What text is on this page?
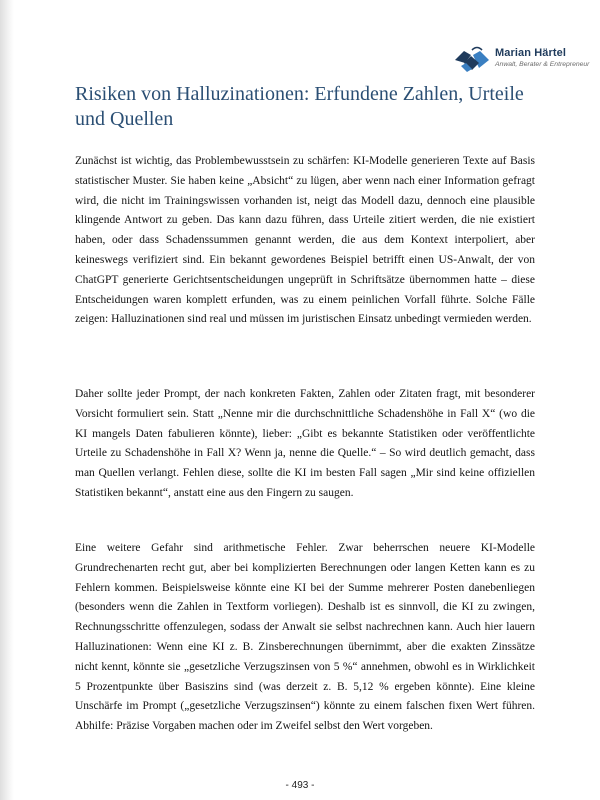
Marian Härtel
Anwalt, Berater & Entrepreneur
Risiken von Halluzinationen: Erfundene Zahlen, Urteile und Quellen

Zunächst ist wichtig, das Problembewusstsein zu schärfen: KI-Modelle generieren Texte auf Basis statistischer Muster. Sie haben keine „Absicht“ zu lügen, aber wenn nach einer Information gefragt wird, die nicht im Trainingswissen vorhanden ist, neigt das Modell dazu, dennoch eine plausible klingende Antwort zu geben. Das kann dazu führen, dass Urteile zitiert werden, die nie existiert haben, oder dass Schadenssummen genannt werden, die aus dem Kontext interpoliert, aber keineswegs verifiziert sind. Ein bekannt gewordenes Beispiel betrifft einen US-Anwalt, der von ChatGPT generierte Gerichtsentscheidungen ungeprüft in Schriftsätze übernommen hatte – diese Entscheidungen waren komplett erfunden, was zu einem peinlichen Vorfall führte. Solche Fälle zeigen: Halluzinationen sind real und müssen im juristischen Einsatz unbedingt vermieden werden.

Daher sollte jeder Prompt, der nach konkreten Fakten, Zahlen oder Zitaten fragt, mit besonderer Vorsicht formuliert sein. Statt „Nenne mir die durchschnittliche Schadenshöhe in Fall X“ (wo die KI mangels Daten fabulieren könnte), lieber: „Gibt es bekannte Statistiken oder veröffentlichte Urteile zu Schadenshöhe in Fall X? Wenn ja, nenne die Quelle.“ – So wird deutlich gemacht, dass man Quellen verlangt. Fehlen diese, sollte die KI im besten Fall sagen „Mir sind keine offiziellen Statistiken bekannt“, anstatt eine aus den Fingern zu saugen.

Eine weitere Gefahr sind arithmetische Fehler. Zwar beherrschen neuere KI-Modelle Grundrechenarten recht gut, aber bei komplizierten Berechnungen oder langen Ketten kann es zu Fehlern kommen. Beispielsweise könnte eine KI bei der Summe mehrerer Posten danebenliegen (besonders wenn die Zahlen in Textform vorliegen). Deshalb ist es sinnvoll, die KI zu zwingen, Rechnungsschritte offenzulegen, sodass der Anwalt sie selbst nachrechnen kann. Auch hier lauern Halluzinationen: Wenn eine KI z. B. Zinsberechnungen übernimmt, aber die exakten Zinssätze nicht kennt, könnte sie „gesetzliche Verzugszinsen von 5 %“ annehmen, obwohl es in Wirklichkeit 5 Prozentpunkte über Basiszins sind (was derzeit z. B. 5,12 % ergeben könnte). Eine kleine Unschärfe im Prompt („gesetzliche Verzugszinsen“) könnte zu einem falschen fixen Wert führen. Abhilfe: Präzise Vorgaben machen oder im Zweifel selbst den Wert vorgeben.

- 493 -
